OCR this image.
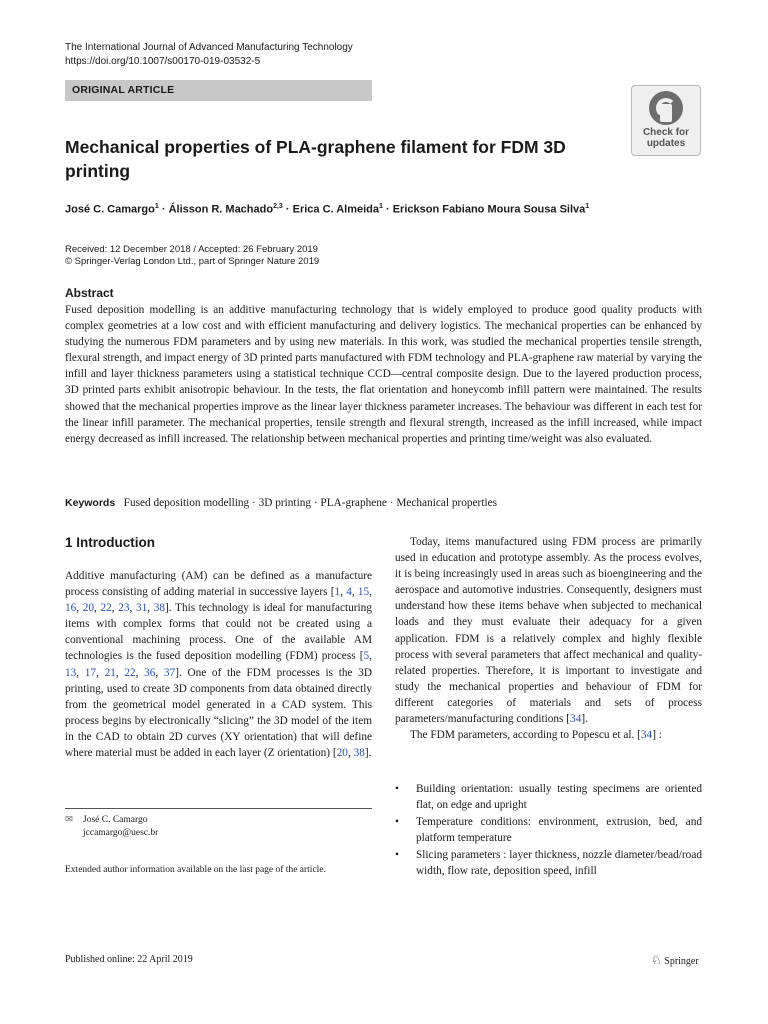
The International Journal of Advanced Manufacturing Technology
https://doi.org/10.1007/s00170-019-03532-5
ORIGINAL ARTICLE
Check for
updates
Mechanical properties of PLA-graphene filament for FDM 3D printing
José C. Camargo$^1$ · Álisson R. Machado$^{2,3}$ · Erica C. Almeida$^1$ · Erickson Fabiano Moura Sousa Silva$^1$
Received: 12 December 2018 / Accepted: 26 February 2019
© Springer-Verlag London Ltd., part of Springer Nature 2019
Abstract
Fused deposition modelling is an additive manufacturing technology that is widely employed to produce good quality products with complex geometries at a low cost and with efficient manufacturing and delivery logistics. The mechanical properties can be enhanced by studying the numerous FDM parameters and by using new materials. In this work, was studied the mechanical properties tensile strength, flexural strength, and impact energy of 3D printed parts manufactured with FDM technology and PLA-graphene raw material by varying the infill and layer thickness parameters using a statistical technique CCD—central composite design. Due to the layered production process, 3D printed parts exhibit anisotropic behaviour. In the tests, the flat orientation and honeycomb infill pattern were maintained. The results showed that the mechanical properties improve as the linear layer thickness parameter increases. The behaviour was different in each test for the linear infill parameter. The mechanical properties, tensile strength and flexural strength, increased as the infill increased, while impact energy decreased as infill increased. The relationship between mechanical properties and printing time/weight was also evaluated.
Keywords Fused deposition modelling · 3D printing · PLA-graphene · Mechanical properties
1 Introduction
Additive manufacturing (AM) can be defined as a manufacture process consisting of adding material in successive layers [1, 4, 15, 16, 20, 22, 23, 31, 38]. This technology is ideal for manufacturing items with complex forms that could not be created using a conventional machining process. One of the available AM technologies is the fused deposition modelling (FDM) process [5, 13, 17, 21, 22, 36, 37]. One of the FDM processes is the 3D printing, used to create 3D components from data obtained directly from the geometrical model generated in a CAD system. This process begins by electronically “slicing” the 3D model of the item in the CAD to obtain 2D curves (XY orientation) that will define where material must be added in each layer (Z orientation) [20, 38].
✉ José C. Camargo
jccamargo@uesc.br
Extended author information available on the last page of the article.

Today, items manufactured using FDM process are primarily used in education and prototype assembly. As the process evolves, it is being increasingly used in areas such as bioengineering and the aerospace and automotive industries. Consequently, designers must understand how these items behave when subjected to mechanical loads and they must evaluate their adequacy for a given application. FDM is a relatively complex and highly flexible process with several parameters that affect mechanical and quality-related properties. Therefore, it is important to investigate and study the mechanical properties and behaviour of FDM for different categories of materials and sets of process parameters/manufacturing conditions [34].

The FDM parameters, according to Popescu et al. [34] :

• Building orientation: usually testing specimens are oriented flat, on edge and upright
• Temperature conditions: environment, extrusion, bed, and platform temperature
• Slicing parameters : layer thickness, nozzle diameter/bead/road width, flow rate, deposition speed, infill
Published online: 22 April 2019	♘ Springer
